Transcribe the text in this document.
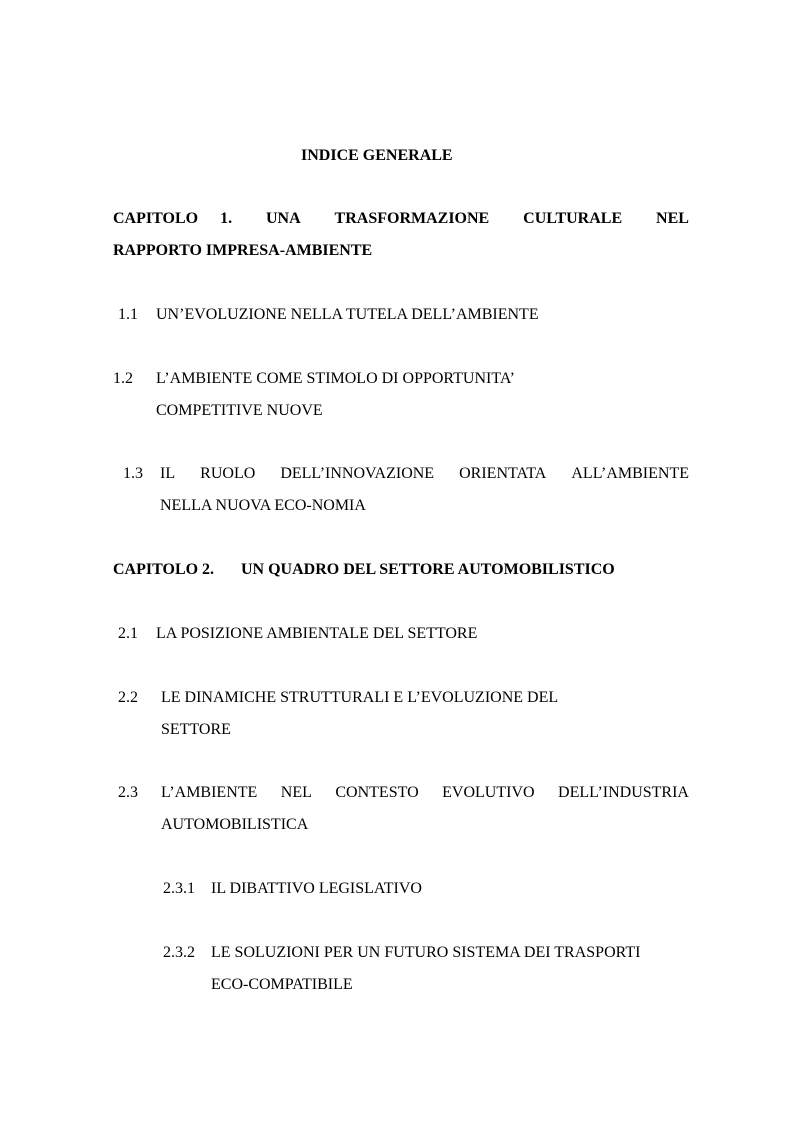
INDICE GENERALE
CAPITOLO 1. UNA TRASFORMAZIONE CULTURALE NEL
RAPPORTO IMPRESA-AMBIENTE
1.1 UN’EVOLUZIONE NELLA TUTELA DELL’AMBIENTE
1.2 L’AMBIENTE COME STIMOLO DI OPPORTUNITA’
COMPETITIVE NUOVE
1.3 IL RUOLO DELL’INNOVAZIONE ORIENTATA ALL’AMBIENTE
NELLA NUOVA ECO-NOMIA
CAPITOLO 2. UN QUADRO DEL SETTORE AUTOMOBILISTICO
2.1 LA POSIZIONE AMBIENTALE DEL SETTORE
2.2 LE DINAMICHE STRUTTURALI E L’EVOLUZIONE DEL
SETTORE
2.3 L’AMBIENTE NEL CONTESTO EVOLUTIVO DELL’INDUSTRIA
AUTOMOBILISTICA
2.3.1 IL DIBATTIVO LEGISLATIVO
2.3.2 LE SOLUZIONI PER UN FUTURO SISTEMA DEI TRASPORTI
ECO-COMPATIBILE
